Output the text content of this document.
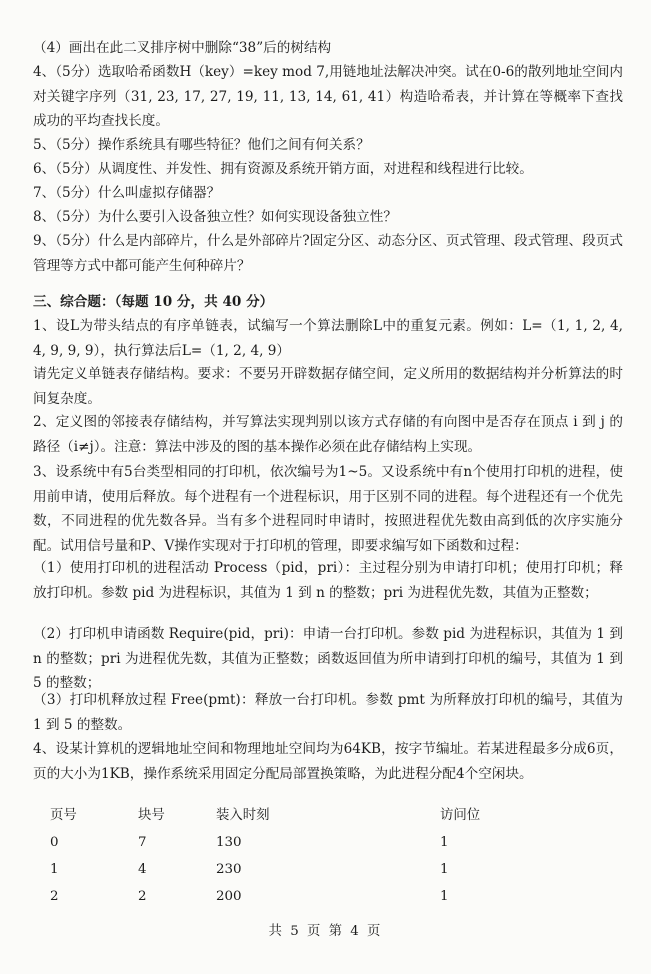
（4）画出在此二叉排序树中删除“38”后的树结构

4、（5分）选取哈希函数H（key）=key mod 7,用链地址法解决冲突。试在0-6的散列地址空间内对关键字序列（31, 23, 17, 27, 19, 11, 13, 14, 61, 41）构造哈希表，并计算在等概率下查找成功的平均查找长度。

5、（5分）操作系统具有哪些特征？他们之间有何关系？

6、（5分）从调度性、并发性、拥有资源及系统开销方面，对进程和线程进行比较。

7、（5分）什么叫虚拟存储器？

8、（5分）为什么要引入设备独立性？如何实现设备独立性？

9、（5分）什么是内部碎片，什么是外部碎片?固定分区、动态分区、页式管理、段式管理、段页式管理等方式中都可能产生何种碎片？

三、综合题：（每题 10 分，共 40 分）

1、设L为带头结点的有序单链表，试编写一个算法删除L中的重复元素。例如：L=（1, 1, 2, 4, 4, 9, 9, 9），执行算法后L=（1, 2, 4, 9）

请先定义单链表存储结构。要求：不要另开辟数据存储空间，定义所用的数据结构并分析算法的时间复杂度。

2、定义图的邻接表存储结构，并写算法实现判别以该方式存储的有向图中是否存在顶点 i 到 j 的路径（i≠j）。注意：算法中涉及的图的基本操作必须在此存储结构上实现。

3、设系统中有5台类型相同的打印机，依次编号为1~5。又设系统中有n个使用打印机的进程，使用前申请，使用后释放。每个进程有一个进程标识，用于区别不同的进程。每个进程还有一个优先数，不同进程的优先数各异。当有多个进程同时申请时，按照进程优先数由高到低的次序实施分配。试用信号量和P、V操作实现对于打印机的管理，即要求编写如下函数和过程：

（1）使用打印机的进程活动 Process（pid，pri）：主过程分别为申请打印机；使用打印机；释放打印机。参数 pid 为进程标识，其值为 1 到 n 的整数；pri 为进程优先数，其值为正整数；

（2）打印机申请函数 Require(pid，pri)：申请一台打印机。参数 pid 为进程标识，其值为 1 到 n 的整数；pri 为进程优先数，其值为正整数；函数返回值为所申请到打印机的编号，其值为 1 到 5 的整数；

（3）打印机释放过程 Free(pmt)：释放一台打印机。参数 pmt 为所释放打印机的编号，其值为 1 到 5 的整数。

4、设某计算机的逻辑地址空间和物理地址空间均为64KB，按字节编址。若某进程最多分成6页，页的大小为1KB，操作系统采用固定分配局部置换策略，为此进程分配4个空闲块。

页号	块号	装入时刻	访问位
0	7	130	1
1	4	230	1
2	2	200	1
共 5 页 第 4 页
